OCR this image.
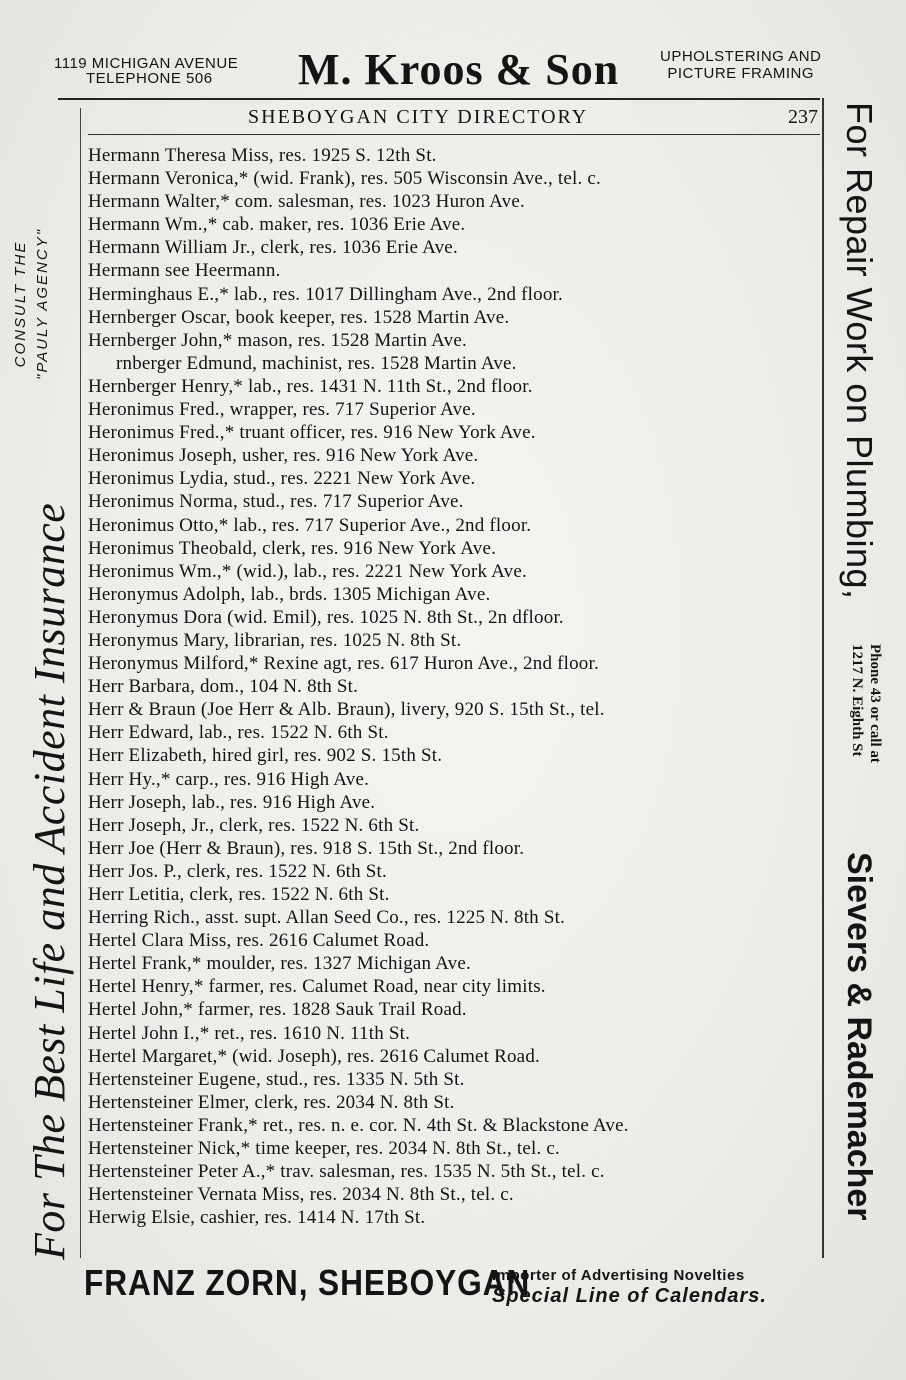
1119 MICHIGAN AVENUE
TELEPHONE 506	M. Kroos & Son	UPHOLSTERING AND
PICTURE FRAMING
SHEBOYGAN CITY DIRECTORY	237
Hermann Theresa Miss, res. 1925 S. 12th St.
Hermann Veronica,* (wid. Frank), res. 505 Wisconsin Ave., tel. c.
Hermann Walter,* com. salesman, res. 1023 Huron Ave.
Hermann Wm.,* cab. maker, res. 1036 Erie Ave.
Hermann William Jr., clerk, res. 1036 Erie Ave.
Hermann see Heermann.
Herminghaus E.,* lab., res. 1017 Dillingham Ave., 2nd floor.
Hernberger Oscar, book keeper, res. 1528 Martin Ave.
Hernberger John,* mason, res. 1528 Martin Ave.
rnberger Edmund, machinist, res. 1528 Martin Ave.
Hernberger Henry,* lab., res. 1431 N. 11th St., 2nd floor.
Heronimus Fred., wrapper, res. 717 Superior Ave.
Heronimus Fred.,* truant officer, res. 916 New York Ave.
Heronimus Joseph, usher, res. 916 New York Ave.
Heronimus Lydia, stud., res. 2221 New York Ave.
Heronimus Norma, stud., res. 717 Superior Ave.
Heronimus Otto,* lab., res. 717 Superior Ave., 2nd floor.
Heronimus Theobald, clerk, res. 916 New York Ave.
Heronimus Wm.,* (wid.), lab., res. 2221 New York Ave.
Heronymus Adolph, lab., brds. 1305 Michigan Ave.
Heronymus Dora (wid. Emil), res. 1025 N. 8th St., 2n dfloor.
Heronymus Mary, librarian, res. 1025 N. 8th St.
Heronymus Milford,* Rexine agt, res. 617 Huron Ave., 2nd floor.
Herr Barbara, dom., 104 N. 8th St.
Herr & Braun (Joe Herr & Alb. Braun), livery, 920 S. 15th St., tel.
Herr Edward, lab., res. 1522 N. 6th St.
Herr Elizabeth, hired girl, res. 902 S. 15th St.
Herr Hy.,* carp., res. 916 High Ave.
Herr Joseph, lab., res. 916 High Ave.
Herr Joseph, Jr., clerk, res. 1522 N. 6th St.
Herr Joe (Herr & Braun), res. 918 S. 15th St., 2nd floor.
Herr Jos. P., clerk, res. 1522 N. 6th St.
Herr Letitia, clerk, res. 1522 N. 6th St.
Herring Rich., asst. supt. Allan Seed Co., res. 1225 N. 8th St.
Hertel Clara Miss, res. 2616 Calumet Road.
Hertel Frank,* moulder, res. 1327 Michigan Ave.
Hertel Henry,* farmer, res. Calumet Road, near city limits.
Hertel John,* farmer, res. 1828 Sauk Trail Road.
Hertel John I.,* ret., res. 1610 N. 11th St.
Hertel Margaret,* (wid. Joseph), res. 2616 Calumet Road.
Hertensteiner Eugene, stud., res. 1335 N. 5th St.
Hertensteiner Elmer, clerk, res. 2034 N. 8th St.
Hertensteiner Frank,* ret., res. n. e. cor. N. 4th St. & Blackstone Ave.
Hertensteiner Nick,* time keeper, res. 2034 N. 8th St., tel. c.
Hertensteiner Peter A.,* trav. salesman, res. 1535 N. 5th St., tel. c.
Hertensteiner Vernata Miss, res. 2034 N. 8th St., tel. c.
Herwig Elsie, cashier, res. 1414 N. 17th St.
For The Best Life and Accident Insurance
CONSULT THE "PAULY AGENCY"	For Repair Work on Plumbing,
Phone 43 or call at
1217 N. Eighth St
Sievers & Rademacher
FRANZ ZORN, SHEBOYGAN
Importer of Advertising Novelties
Special Line of Calendars.
